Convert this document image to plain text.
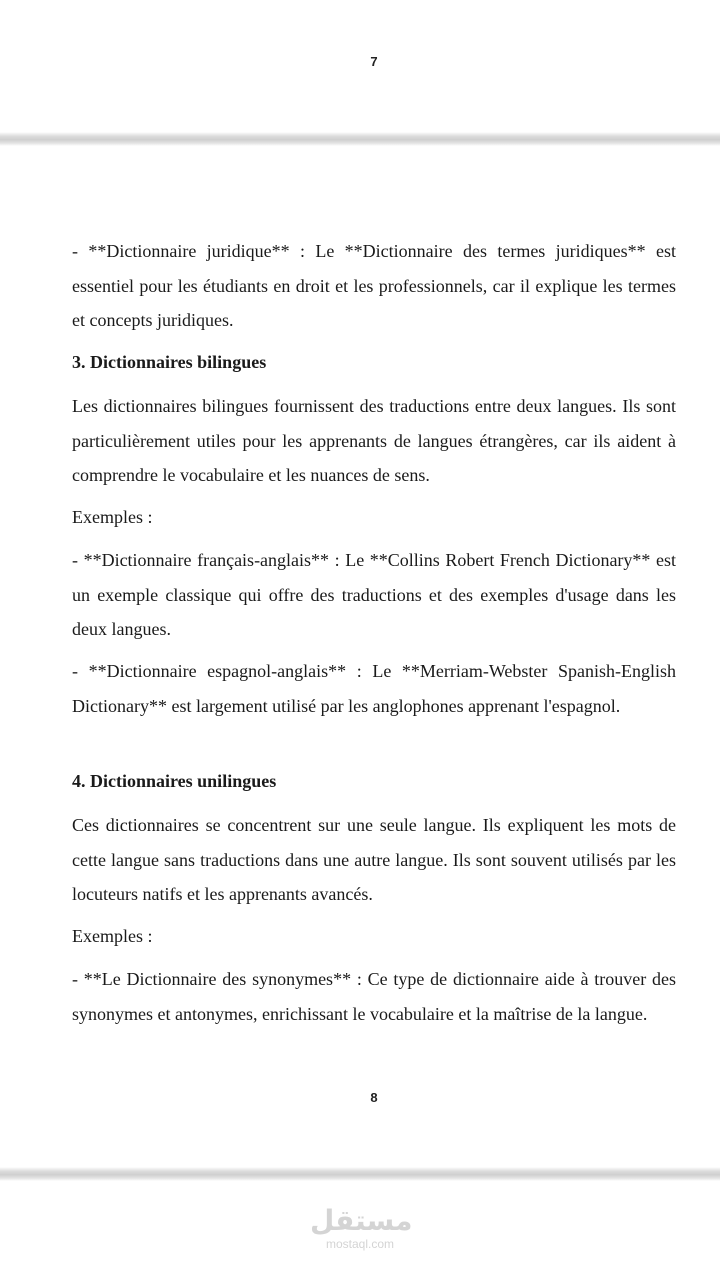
7

- **Dictionnaire juridique** : Le **Dictionnaire des termes juridiques** est essentiel pour les étudiants en droit et les professionnels, car il explique les termes et concepts juridiques.

3. Dictionnaires bilingues

Les dictionnaires bilingues fournissent des traductions entre deux langues. Ils sont particulièrement utiles pour les apprenants de langues étrangères, car ils aident à comprendre le vocabulaire et les nuances de sens.

Exemples :

- **Dictionnaire français-anglais** : Le **Collins Robert French Dictionary** est un exemple classique qui offre des traductions et des exemples d'usage dans les deux langues.

- **Dictionnaire espagnol-anglais** : Le **Merriam-Webster Spanish-English Dictionary** est largement utilisé par les anglophones apprenant l'espagnol.

4. Dictionnaires unilingues

Ces dictionnaires se concentrent sur une seule langue. Ils expliquent les mots de cette langue sans traductions dans une autre langue. Ils sont souvent utilisés par les locuteurs natifs et les apprenants avancés.

Exemples :

- **Le Dictionnaire des synonymes** : Ce type de dictionnaire aide à trouver des synonymes et antonymes, enrichissant le vocabulaire et la maîtrise de la langue.

8
مستقل
mostaql.com
